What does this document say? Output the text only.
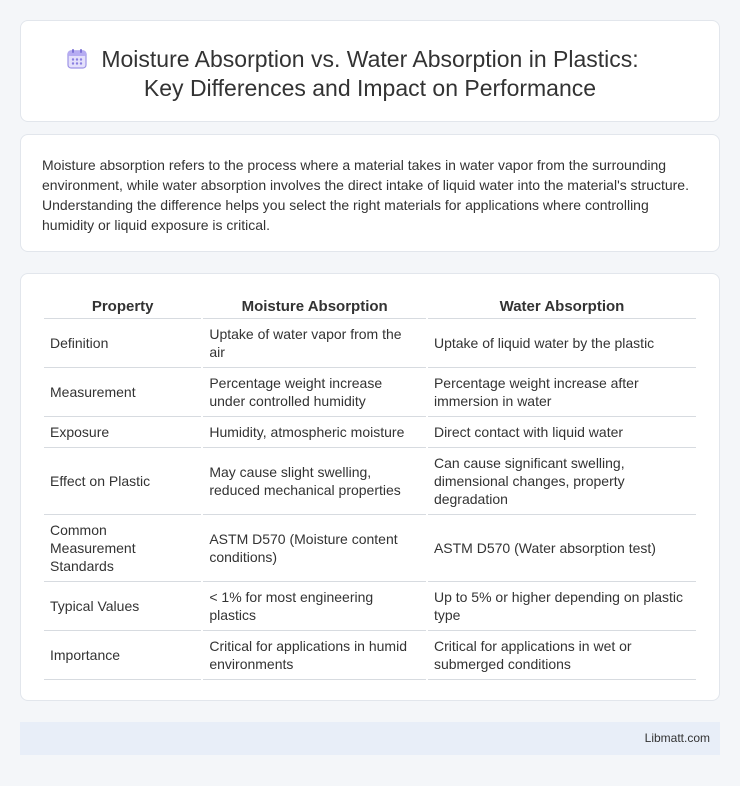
Moisture Absorption vs. Water Absorption in Plastics:
Key Differences and Impact on Performance

Moisture absorption refers to the process where a material takes in water vapor from the surrounding environment, while water absorption involves the direct intake of liquid water into the material's structure. Understanding the difference helps you select the right materials for applications where controlling humidity or liquid exposure is critical.

Property	Moisture Absorption	Water Absorption
Definition	Uptake of water vapor from the air	Uptake of liquid water by the plastic
Measurement	Percentage weight increase under controlled humidity	Percentage weight increase after immersion in water
Exposure	Humidity, atmospheric moisture	Direct contact with liquid water
Effect on Plastic	May cause slight swelling, reduced mechanical properties	Can cause significant swelling, dimensional changes, property degradation
Common Measurement Standards	ASTM D570 (Moisture content conditions)	ASTM D570 (Water absorption test)
Typical Values	< 1% for most engineering plastics	Up to 5% or higher depending on plastic type
Importance	Critical for applications in humid environments	Critical for applications in wet or submerged conditions
Libmatt.com
